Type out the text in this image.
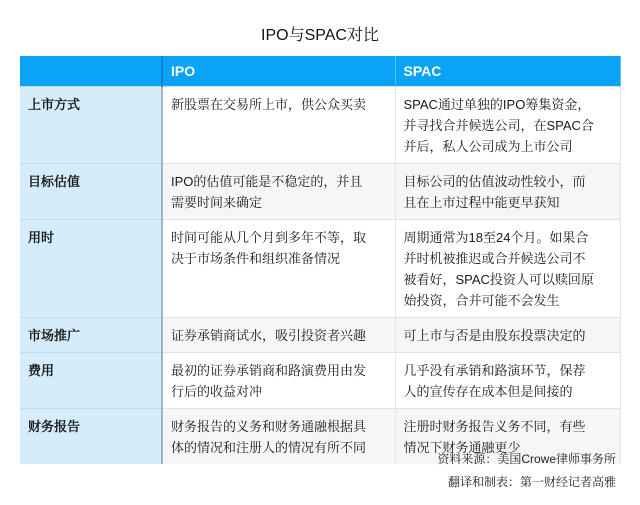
IPO与SPAC对比
	IPO	SPAC
上市方式	新股票在交易所上市，供公众买卖	SPAC通过单独的IPO筹集资金，
并寻找合并候选公司，在SPAC合
并后，私人公司成为上市公司

目标估值	IPO的估值可能是不稳定的，并且
需要时间来确定	目标公司的估值波动性较小，而
且在上市过程中能更早获知

用时	时间可能从几个月到多年不等，取
决于市场条件和组织准备情况	周期通常为18至24个月。如果合
并时机被推迟或合并候选公司不
被看好，SPAC投资人可以赎回原
始投资，合并可能不会发生

市场推广	证券承销商试水，吸引投资者兴趣	可上市与否是由股东投票决定的

费用	最初的证券承销商和路演费用由发
行后的收益对冲	几乎没有承销和路演环节，保荐
人的宣传存在成本但是间接的

财务报告	财务报告的义务和财务通融根据具
体的情况和注册人的情况有所不同	注册时财务报告义务不同，有些
情况下财务通融更少
资料来源：美国Crowe律师事务所
翻译和制表：第一财经记者高雅
